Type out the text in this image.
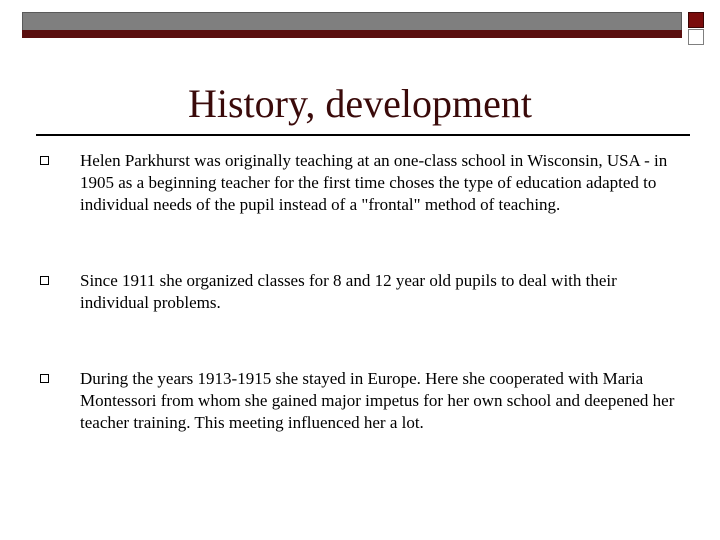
History, development
Helen Parkhurst was originally teaching at an one-class school in Wisconsin, USA - in 1905 as a beginning teacher for the first time choses the type of education adapted to individual needs of the pupil instead of a "frontal" method of teaching.
Since 1911 she organized classes for 8 and 12 year old pupils to deal with their individual problems.
During the years 1913-1915 she stayed in Europe. Here she cooperated with Maria Montessori from whom she gained major impetus for her own school and deepened her teacher training. This meeting influenced her a lot.
